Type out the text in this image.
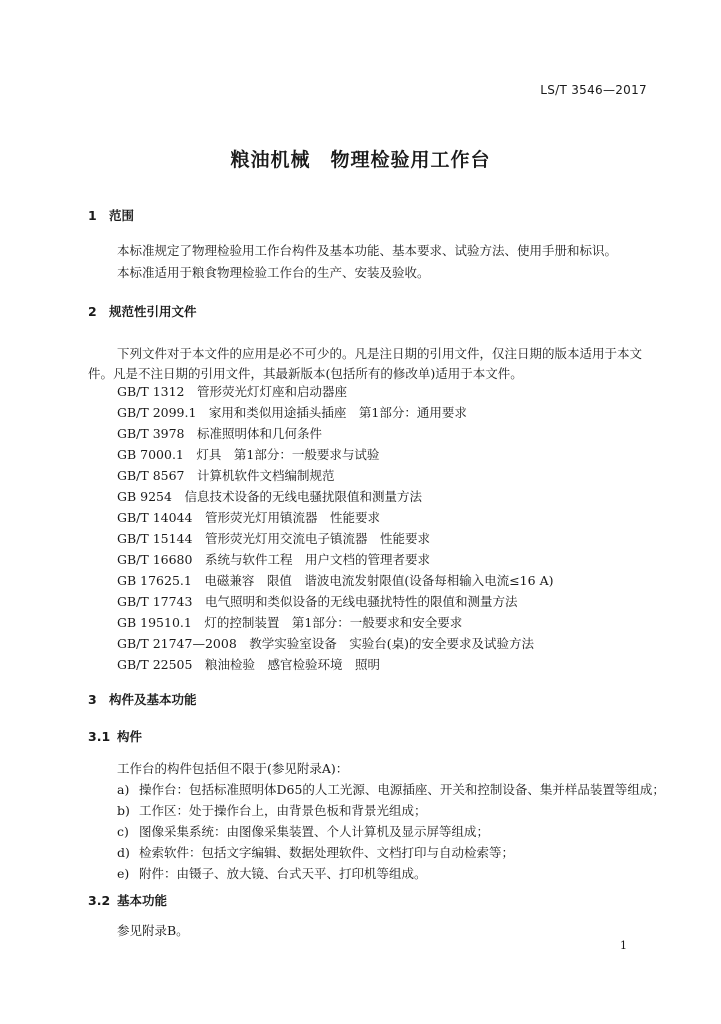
LS/T 3546—2017
粮油机械　物理检验用工作台
1 范围
本标准规定了物理检验用工作台构件及基本功能、基本要求、试验方法、使用手册和标识。
本标准适用于粮食物理检验工作台的生产、安装及验收。
2 规范性引用文件
下列文件对于本文件的应用是必不可少的。凡是注日期的引用文件，仅注日期的版本适用于本文件。凡是不注日期的引用文件，其最新版本(包括所有的修改单)适用于本文件。
GB/T 1312　管形荧光灯灯座和启动器座
GB/T 2099.1　家用和类似用途插头插座　第1部分：通用要求
GB/T 3978　标准照明体和几何条件
GB 7000.1　灯具　第1部分：一般要求与试验
GB/T 8567　计算机软件文档编制规范
GB 9254　信息技术设备的无线电骚扰限值和测量方法
GB/T 14044　管形荧光灯用镇流器　性能要求
GB/T 15144　管形荧光灯用交流电子镇流器　性能要求
GB/T 16680　系统与软件工程　用户文档的管理者要求
GB 17625.1　电磁兼容　限值　谐波电流发射限值(设备每相输入电流≤16 A)
GB/T 17743　电气照明和类似设备的无线电骚扰特性的限值和测量方法
GB 19510.1　灯的控制装置　第1部分：一般要求和安全要求
GB/T 21747—2008　教学实验室设备　实验台(桌)的安全要求及试验方法
GB/T 22505　粮油检验　感官检验环境　照明
3 构件及基本功能
3.1 构件
工作台的构件包括但不限于(参见附录A)：
a) 操作台：包括标准照明体D65的人工光源、电源插座、开关和控制设备、集并样品装置等组成；
b) 工作区：处于操作台上，由背景色板和背景光组成；
c) 图像采集系统：由图像采集装置、个人计算机及显示屏等组成；
d) 检索软件：包括文字编辑、数据处理软件、文档打印与自动检索等；
e) 附件：由镊子、放大镜、台式天平、打印机等组成。
3.2 基本功能
参见附录B。
1
